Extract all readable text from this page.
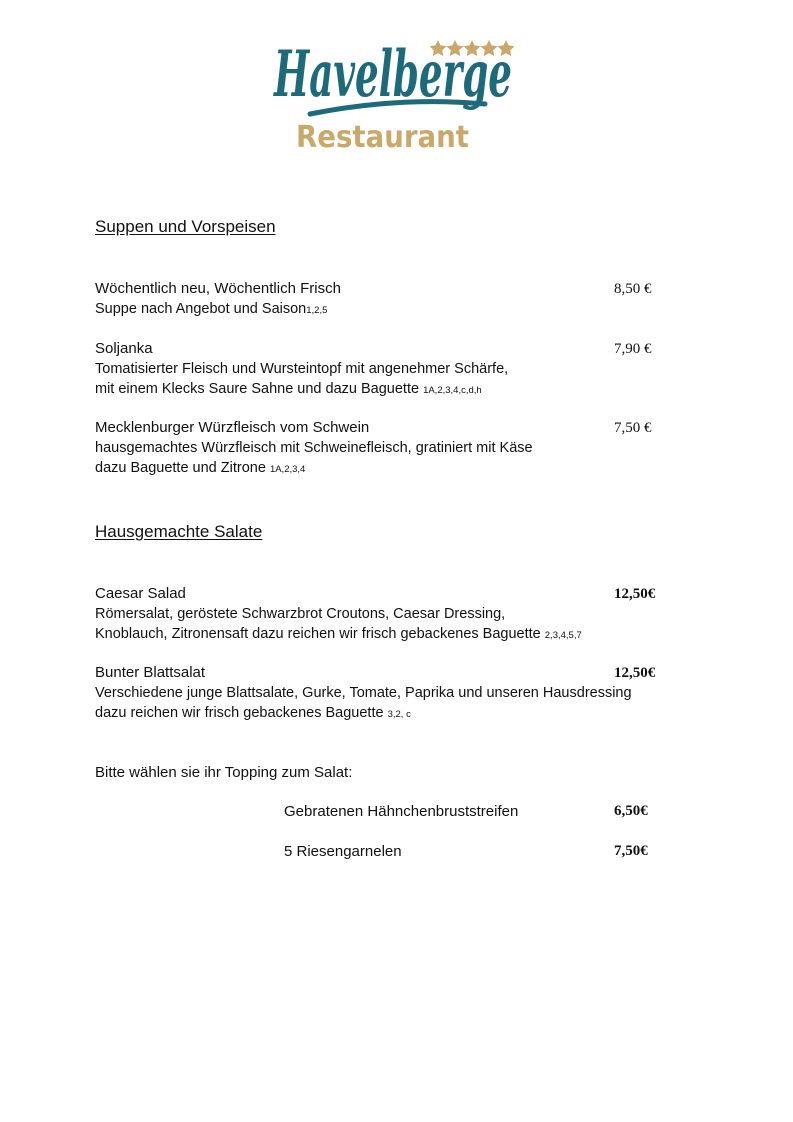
Havelberge
Restaurant
Suppen und Vorspeisen
Wöchentlich neu, Wöchentlich Frisch
Suppe nach Angebot und Saison1,2,5
8,50 €
Soljanka
Tomatisierter Fleisch und Wursteintopf mit angenehmer Schärfe,
mit einem Klecks Saure Sahne und dazu Baguette 1A,2,3,4,c,d,h
7,90 €
Mecklenburger Würzfleisch vom Schwein
hausgemachtes Würzfleisch mit Schweinefleisch, gratiniert mit Käse
dazu Baguette und Zitrone 1A,2,3,4
7,50 €
Hausgemachte Salate
Caesar Salad
Römersalat, geröstete Schwarzbrot Croutons, Caesar Dressing,
Knoblauch, Zitronensaft dazu reichen wir frisch gebackenes Baguette 2,3,4,5,7
12,50€
Bunter Blattsalat
Verschiedene junge Blattsalate, Gurke, Tomate, Paprika und unseren Hausdressing
dazu reichen wir frisch gebackenes Baguette 3,2, c
12,50€
Bitte wählen sie ihr Topping zum Salat:
Gebratenen Hähnchenbruststreifen	6,50€
5 Riesengarnelen	7,50€
